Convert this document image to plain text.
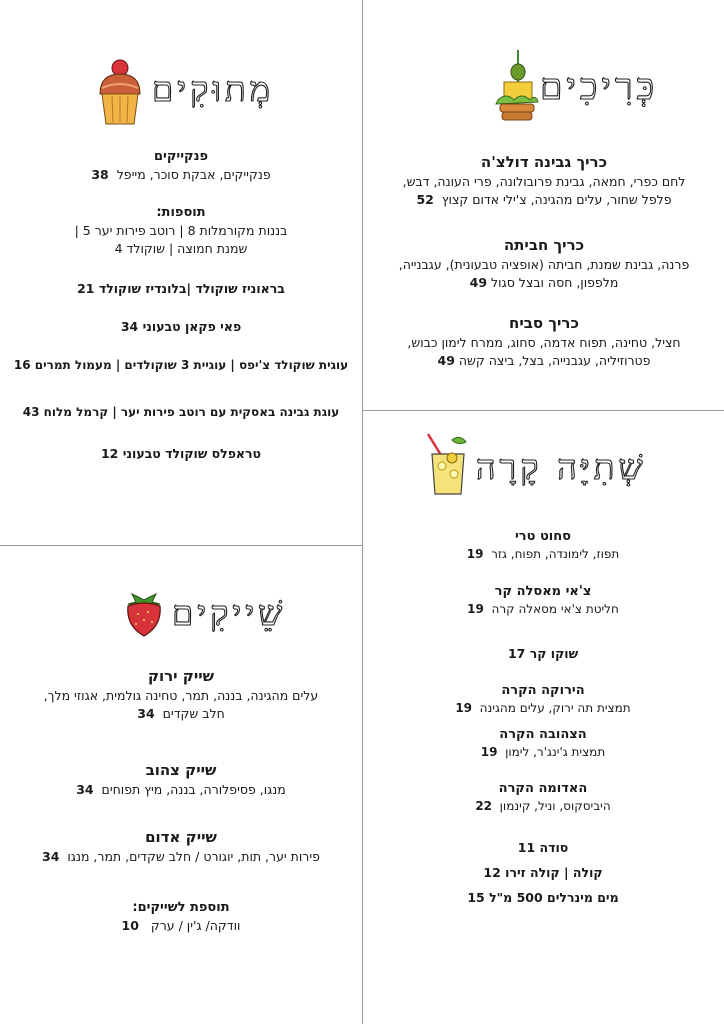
כְּרִיכִים
כריך גבינה דולצ'ה
לחם כפרי, חמאה, גבינת פרובולונה, פרי העונה, דבש,
פלפל שחור, עלים מהגינה, צ'ילי אדום קצוץ  52
כריך חביתה
פרנה, גבינת שמנת, חביתה (אופציה טבעונית), עגבנייה,
מלפפון, חסה ובצל סגול 49
כריך סביח
חציל, טחינה, תפוח אדמה, סחוג, ממרח לימון כבוש,
פטרוזיליה, עגבנייה, בצל, ביצה קשה 49
מְתוּקִים
פנקייקים
פנקייקים, אבקת סוכר, מייפל  38
תוספות:
בננות מקורמלות 8 | רוטב פירות יער 5 |
שמנת חמוצה | שוקולד 4
בראוניז שוקולד |בלונדיז שוקולד 21
פאי פקאן טבעוני 34
עוגית שוקולד צ'יפס | עוגיית 3 שוקולדים | מעמול תמרים 16
עוגת גבינה באסקית עם רוטב פירות יער | קרמל מלוח 43
טראפלס שוקולד טבעוני 12	שְׁתִיָּה קָרָה
סחוט טרי
תפוז, לימונדה, תפוח, גזר  19
צ'אי מאסלה קר
חליטת צ'אי מסאלה קרה  19
שוקו קר 17
הירוקה הקרה
תמצית תה ירוק, עלים מהגינה  19
הצהובה הקרה
תמצית ג'ינג'ר, לימון  19
האדומה הקרה
היביסקוס, וניל, קינמון  22
סודה 11
קולה | קולה זירו 12
מים מינרלים 500 מ"ל 15
שֵׁייקִים
שייק ירוק
עלים מהגינה, בננה, תמר, טחינה גולמית, אגוזי מלך,
חלב שקדים  34
שייק צהוב
מנגו, פסיפלורה, בננה, מיץ תפוחים  34
שייק אדום
פירות יער, תות, יוגורט / חלב שקדים, תמר, מנגו  34
תוספת לשייקים:
וודקה/ ג'ין / ערק   10
